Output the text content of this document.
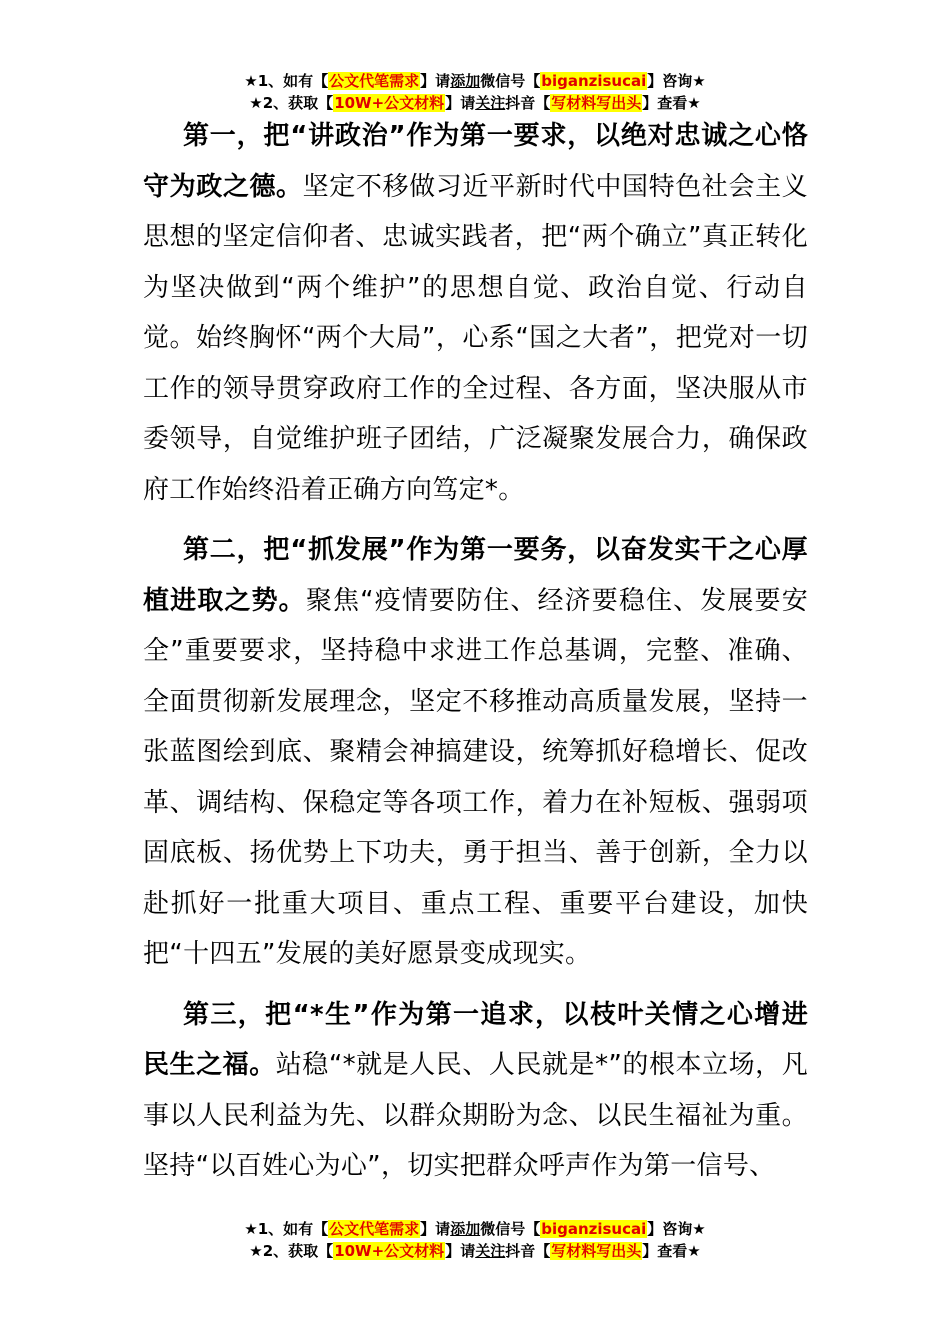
★1、如有【公文代笔需求】请添加微信号【biganzisucai】咨询★
★2、获取【10W+公文材料】请关注抖音【写材料写出头】查看★

第一，把“讲政治”作为第一要求，以绝对忠诚之心恪守为政之德。坚定不移做习近平新时代中国特色社会主义思想的坚定信仰者、忠诚实践者，把“两个确立”真正转化为坚决做到“两个维护”的思想自觉、政治自觉、行动自觉。始终胸怀“两个大局”，心系“国之大者”，把党对一切工作的领导贯穿政府工作的全过程、各方面，坚决服从市委领导，自觉维护班子团结，广泛凝聚发展合力，确保政府工作始终沿着正确方向笃定*。

第二，把“抓发展”作为第一要务，以奋发实干之心厚植进取之势。聚焦“疫情要防住、经济要稳住、发展要安全”重要要求，坚持稳中求进工作总基调，完整、准确、全面贯彻新发展理念，坚定不移推动高质量发展，坚持一张蓝图绘到底、聚精会神搞建设，统筹抓好稳增长、促改革、调结构、保稳定等各项工作，着力在补短板、强弱项固底板、扬优势上下功夫，勇于担当、善于创新，全力以赴抓好一批重大项目、重点工程、重要平台建设，加快把“十四五”发展的美好愿景变成现实。

第三，把“*生”作为第一追求，以枝叶关情之心增进民生之福。站稳“*就是人民、人民就是*”的根本立场，凡事以人民利益为先、以群众期盼为念、以民生福祉为重。坚持“以百姓心为心”，切实把群众呼声作为第一信号、

★1、如有【公文代笔需求】请添加微信号【biganzisucai】咨询★
★2、获取【10W+公文材料】请关注抖音【写材料写出头】查看★
